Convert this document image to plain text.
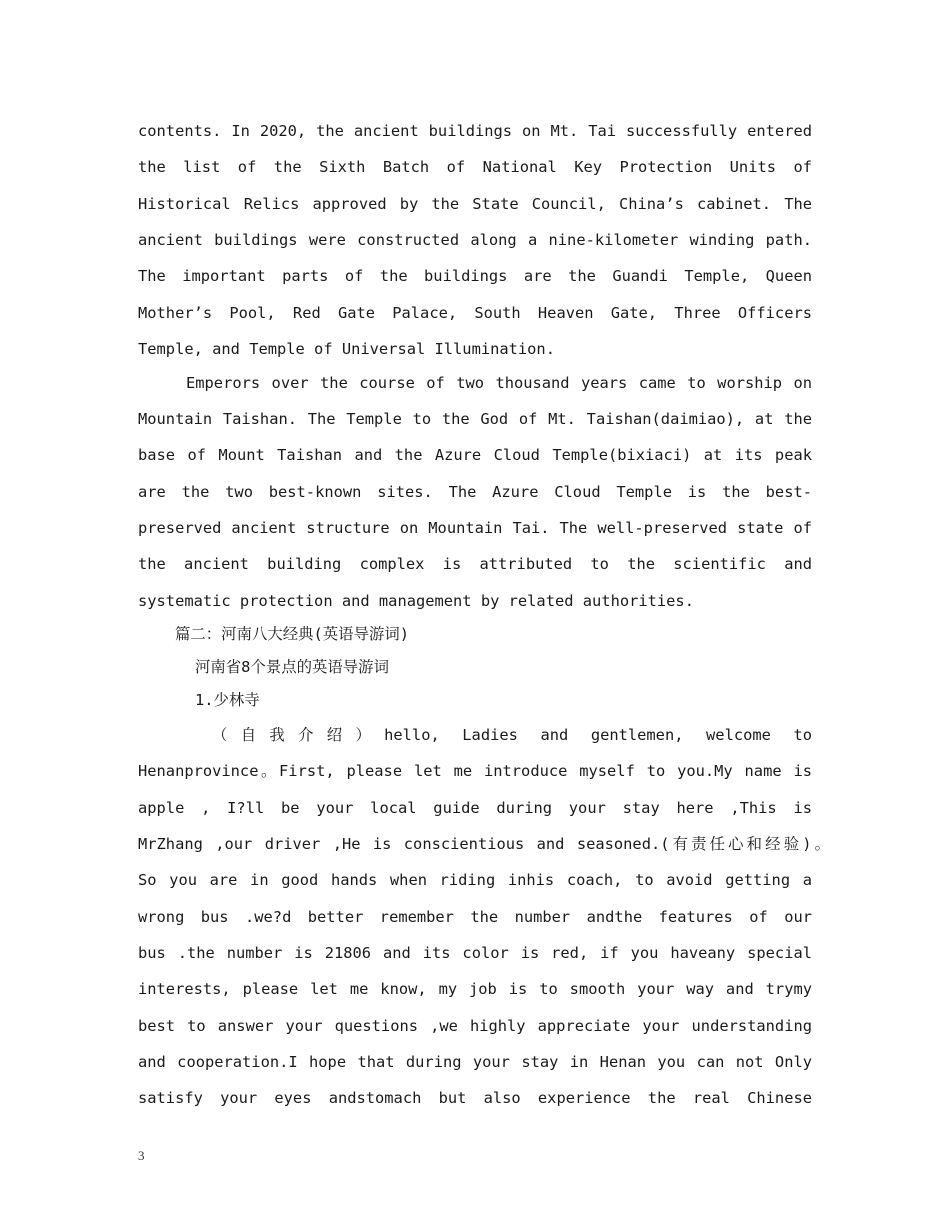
contents. In 2020, the ancient buildings on Mt. Tai successfully entered
the list of the Sixth Batch of National Key Protection Units of
Historical Relics approved by the State Council, China’s cabinet. The
ancient buildings were constructed along a nine-kilometer winding path.
The important parts of the buildings are the Guandi Temple, Queen
Mother’s Pool, Red Gate Palace, South Heaven Gate, Three Officers
Temple, and Temple of Universal Illumination.
Emperors over the course of two thousand years came to worship on
Mountain Taishan. The Temple to the God of Mt. Taishan(daimiao), at the
base of Mount Taishan and the Azure Cloud Temple(bixiaci) at its peak
are the two best-known sites. The Azure Cloud Temple is the best-
preserved ancient structure on Mountain Tai. The well-preserved state of
the ancient building complex is attributed to the scientific and
systematic protection and management by related authorities.
篇二：河南八大经典(英语导游词)
河南省8个景点的英语导游词
1.少林寺
（自我介绍）hello, Ladies and gentlemen, welcome to
Henanprovince。First, please let me introduce myself to you.My name is
apple , I?ll be your local guide during your stay here ,This is
MrZhang ,our driver ,He is conscientious and seasoned.(有责任心和经验)。
So you are in good hands when riding inhis coach, to avoid getting a
wrong bus .we?d better remember the number andthe features of our
bus .the number is 21806 and its color is red, if you haveany special
interests, please let me know, my job is to smooth your way and trymy
best to answer your questions ,we highly appreciate your understanding
and cooperation.I hope that during your stay in Henan you can not Only
satisfy your eyes andstomach but also experience the real Chinese
3
